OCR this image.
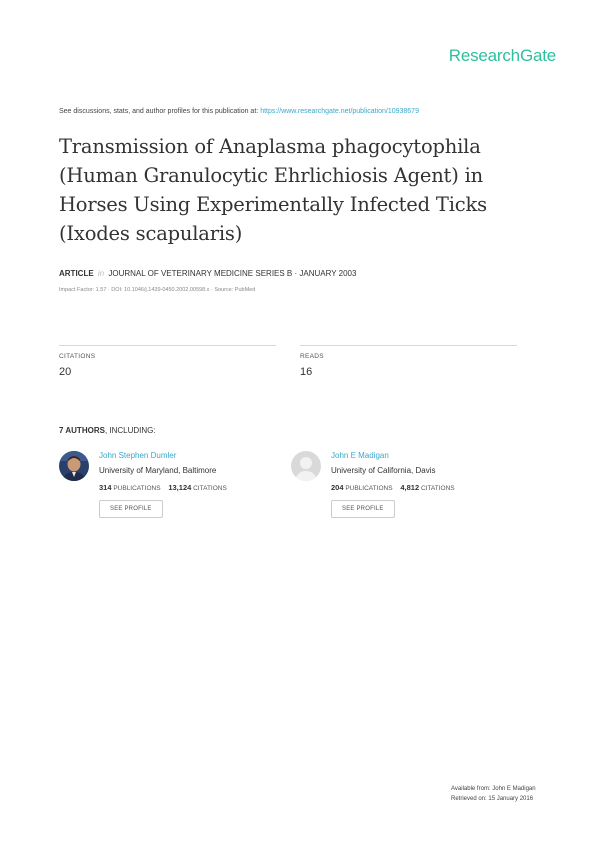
ResearchGate
See discussions, stats, and author profiles for this publication at: https://www.researchgate.net/publication/10938679
Transmission of Anaplasma phagocytophila
(Human Granulocytic Ehrlichiosis Agent) in
Horses Using Experimentally Infected Ticks
(Ixodes scapularis)
ARTICLE in JOURNAL OF VETERINARY MEDICINE SERIES B · JANUARY 2003
Impact Factor: 1.57 · DOI: 10.1046/j.1439-0450.2002.00598.x · Source: PubMed
CITATIONS
20
READS
16
7 AUTHORS, INCLUDING:
John Stephen Dumler
University of Maryland, Baltimore
314 PUBLICATIONS 13,124 CITATIONS
SEE PROFILE
John E Madigan
University of California, Davis
204 PUBLICATIONS 4,812 CITATIONS
SEE PROFILE
Available from: John E Madigan
Retrieved on: 15 January 2016
